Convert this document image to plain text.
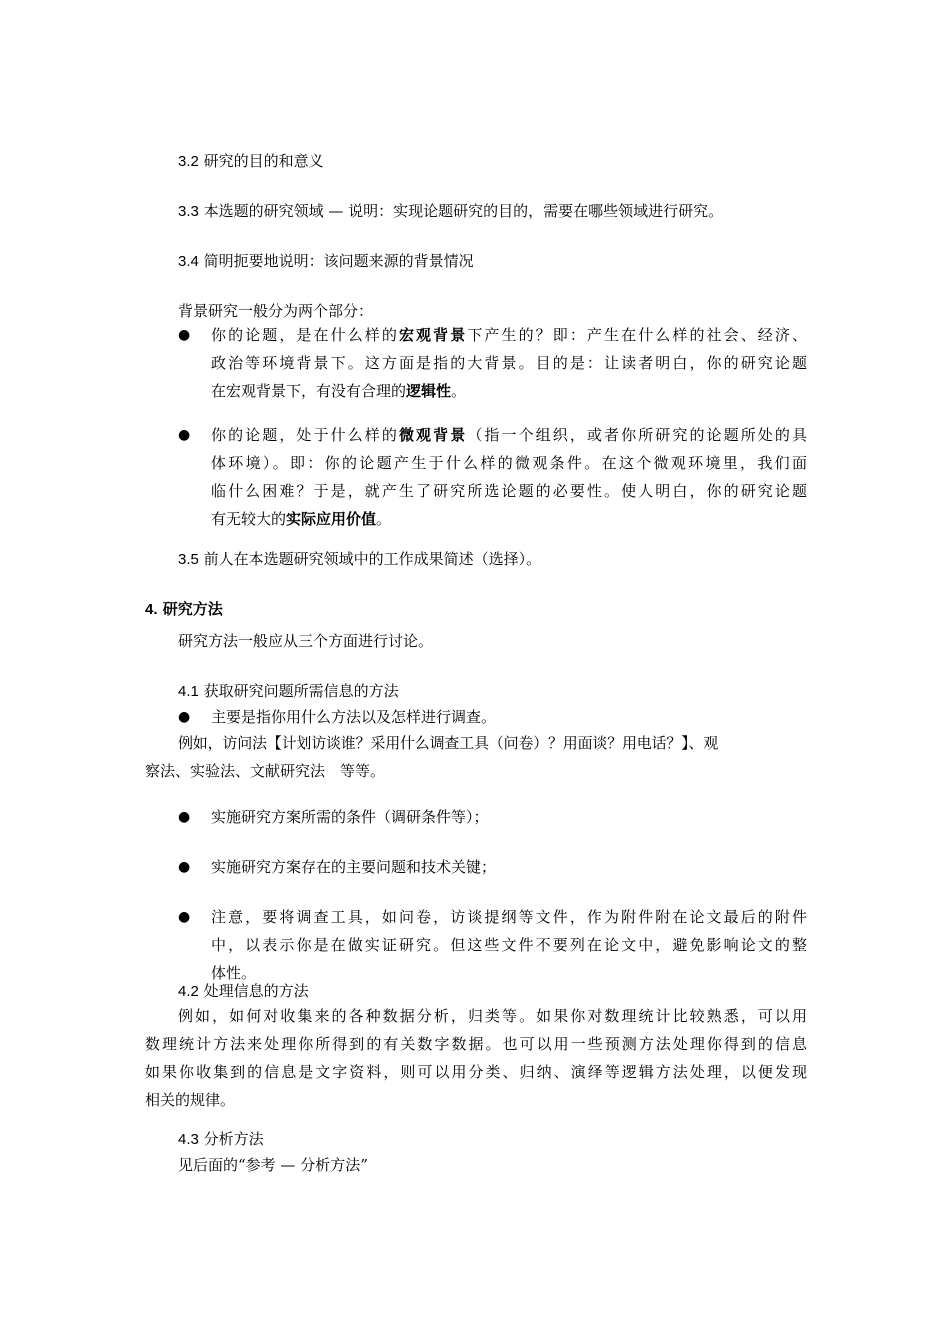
3.2 研究的目的和意义
3.3 本选题的研究领域 — 说明：实现论题研究的目的，需要在哪些领域进行研究。
3.4 简明扼要地说明：该问题来源的背景情况
背景研究一般分为两个部分：
●	你的论题，是在什么样的宏观背景下产生的？即：产生在什么样的社会、经济、
政治等环境背景下。这方面是指的大背景。目的是：让读者明白，你的研究论题
在宏观背景下，有没有合理的逻辑性。
●	你的论题，处于什么样的微观背景（指一个组织，或者你所研究的论题所处的具
体环境）。即：你的论题产生于什么样的微观条件。在这个微观环境里，我们面
临什么困难？于是，就产生了研究所选论题的必要性。使人明白，你的研究论题
有无较大的实际应用价值。
3.5 前人在本选题研究领域中的工作成果简述（选择）。
4. 研究方法
研究方法一般应从三个方面进行讨论。
4.1 获取研究问题所需信息的方法
●	主要是指你用什么方法以及怎样进行调查。
例如，访问法【计划访谈谁？采用什么调查工具（问卷）？用面谈？用电话？】、观
察法、实验法、文献研究法　等等。
●	实施研究方案所需的条件（调研条件等）；
●	实施研究方案存在的主要问题和技术关键；
●	注意，要将调查工具，如问卷，访谈提纲等文件，作为附件附在论文最后的附件
中，以表示你是在做实证研究。但这些文件不要列在论文中，避免影响论文的整
体性。
4.2 处理信息的方法
例如，如何对收集来的各种数据分析，归类等。如果你对数理统计比较熟悉，可以用
数理统计方法来处理你所得到的有关数字数据。也可以用一些预测方法处理你得到的信息
如果你收集到的信息是文字资料，则可以用分类、归纳、演绎等逻辑方法处理，以便发现
相关的规律。
4.3 分析方法
见后面的“参考 — 分析方法”
